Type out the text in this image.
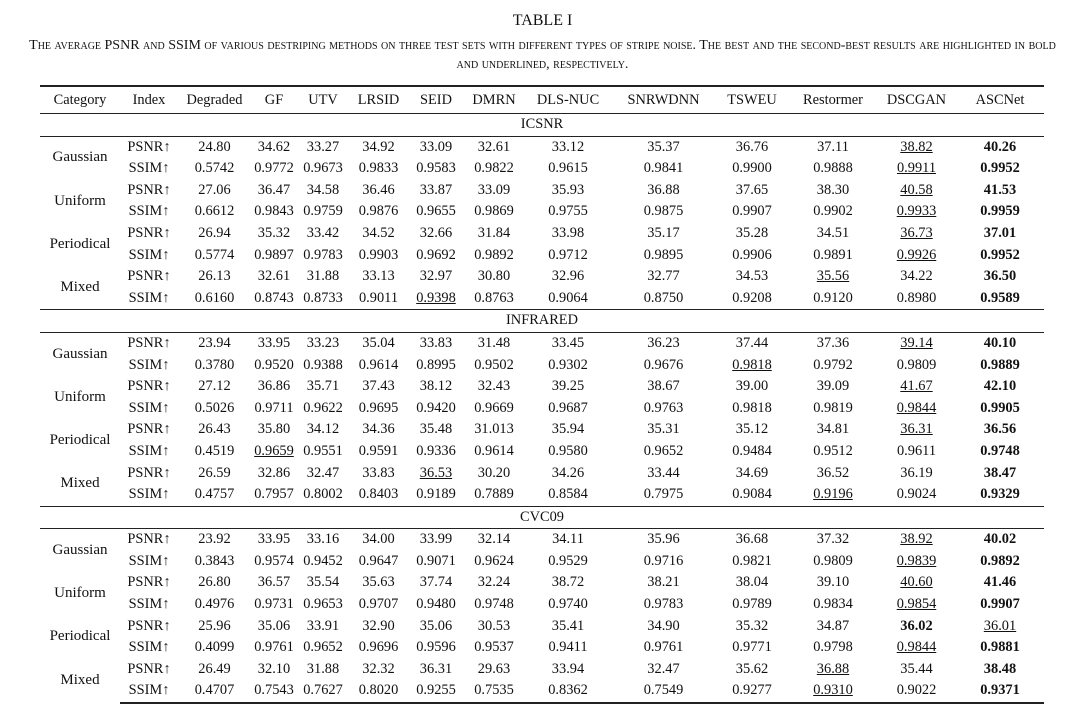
TABLE I
The average PSNR and SSIM of various destriping methods on three test sets with different types of stripe noise. The best and the second-best results are highlighted in bold and underlined, respectively.
Category	Index	Degraded	GF	UTV	LRSID	SEID	DMRN	DLS-NUC	SNRWDNN	TSWEU	Restormer	DSCGAN	ASCNet
ICSNR													
Gaussian	PSNR↑	24.80	34.62	33.27	34.92	33.09	32.61	33.12	35.37	36.76	37.11	38.82	40.26
	SSIM↑	0.5742	0.9772	0.9673	0.9833	0.9583	0.9822	0.9615	0.9841	0.9900	0.9888	0.9911	0.9952
Uniform	PSNR↑	27.06	36.47	34.58	36.46	33.87	33.09	35.93	36.88	37.65	38.30	40.58	41.53
	SSIM↑	0.6612	0.9843	0.9759	0.9876	0.9655	0.9869	0.9755	0.9875	0.9907	0.9902	0.9933	0.9959
Periodical	PSNR↑	26.94	35.32	33.42	34.52	32.66	31.84	33.98	35.17	35.28	34.51	36.73	37.01
	SSIM↑	0.5774	0.9897	0.9783	0.9903	0.9692	0.9892	0.9712	0.9895	0.9906	0.9891	0.9926	0.9952
Mixed	PSNR↑	26.13	32.61	31.88	33.13	32.97	30.80	32.96	32.77	34.53	35.56	34.22	36.50
	SSIM↑	0.6160	0.8743	0.8733	0.9011	0.9398	0.8763	0.9064	0.8750	0.9208	0.9120	0.8980	0.9589
INFRARED													
Gaussian	PSNR↑	23.94	33.95	33.23	35.04	33.83	31.48	33.45	36.23	37.44	37.36	39.14	40.10
	SSIM↑	0.3780	0.9520	0.9388	0.9614	0.8995	0.9502	0.9302	0.9676	0.9818	0.9792	0.9809	0.9889
Uniform	PSNR↑	27.12	36.86	35.71	37.43	38.12	32.43	39.25	38.67	39.00	39.09	41.67	42.10
	SSIM↑	0.5026	0.9711	0.9622	0.9695	0.9420	0.9669	0.9687	0.9763	0.9818	0.9819	0.9844	0.9905
Periodical	PSNR↑	26.43	35.80	34.12	34.36	35.48	31.013	35.94	35.31	35.12	34.81	36.31	36.56
	SSIM↑	0.4519	0.9659	0.9551	0.9591	0.9336	0.9614	0.9580	0.9652	0.9484	0.9512	0.9611	0.9748
Mixed	PSNR↑	26.59	32.86	32.47	33.83	36.53	30.20	34.26	33.44	34.69	36.52	36.19	38.47
	SSIM↑	0.4757	0.7957	0.8002	0.8403	0.9189	0.7889	0.8584	0.7975	0.9084	0.9196	0.9024	0.9329
CVC09													
Gaussian	PSNR↑	23.92	33.95	33.16	34.00	33.99	32.14	34.11	35.96	36.68	37.32	38.92	40.02
	SSIM↑	0.3843	0.9574	0.9452	0.9647	0.9071	0.9624	0.9529	0.9716	0.9821	0.9809	0.9839	0.9892
Uniform	PSNR↑	26.80	36.57	35.54	35.63	37.74	32.24	38.72	38.21	38.04	39.10	40.60	41.46
	SSIM↑	0.4976	0.9731	0.9653	0.9707	0.9480	0.9748	0.9740	0.9783	0.9789	0.9834	0.9854	0.9907
Periodical	PSNR↑	25.96	35.06	33.91	32.90	35.06	30.53	35.41	34.90	35.32	34.87	36.02	36.01
	SSIM↑	0.4099	0.9761	0.9652	0.9696	0.9596	0.9537	0.9411	0.9761	0.9771	0.9798	0.9844	0.9881
Mixed	PSNR↑	26.49	32.10	31.88	32.32	36.31	29.63	33.94	32.47	35.62	36.88	35.44	38.48
	SSIM↑	0.4707	0.7543	0.7627	0.8020	0.9255	0.7535	0.8362	0.7549	0.9277	0.9310	0.9022	0.9371
